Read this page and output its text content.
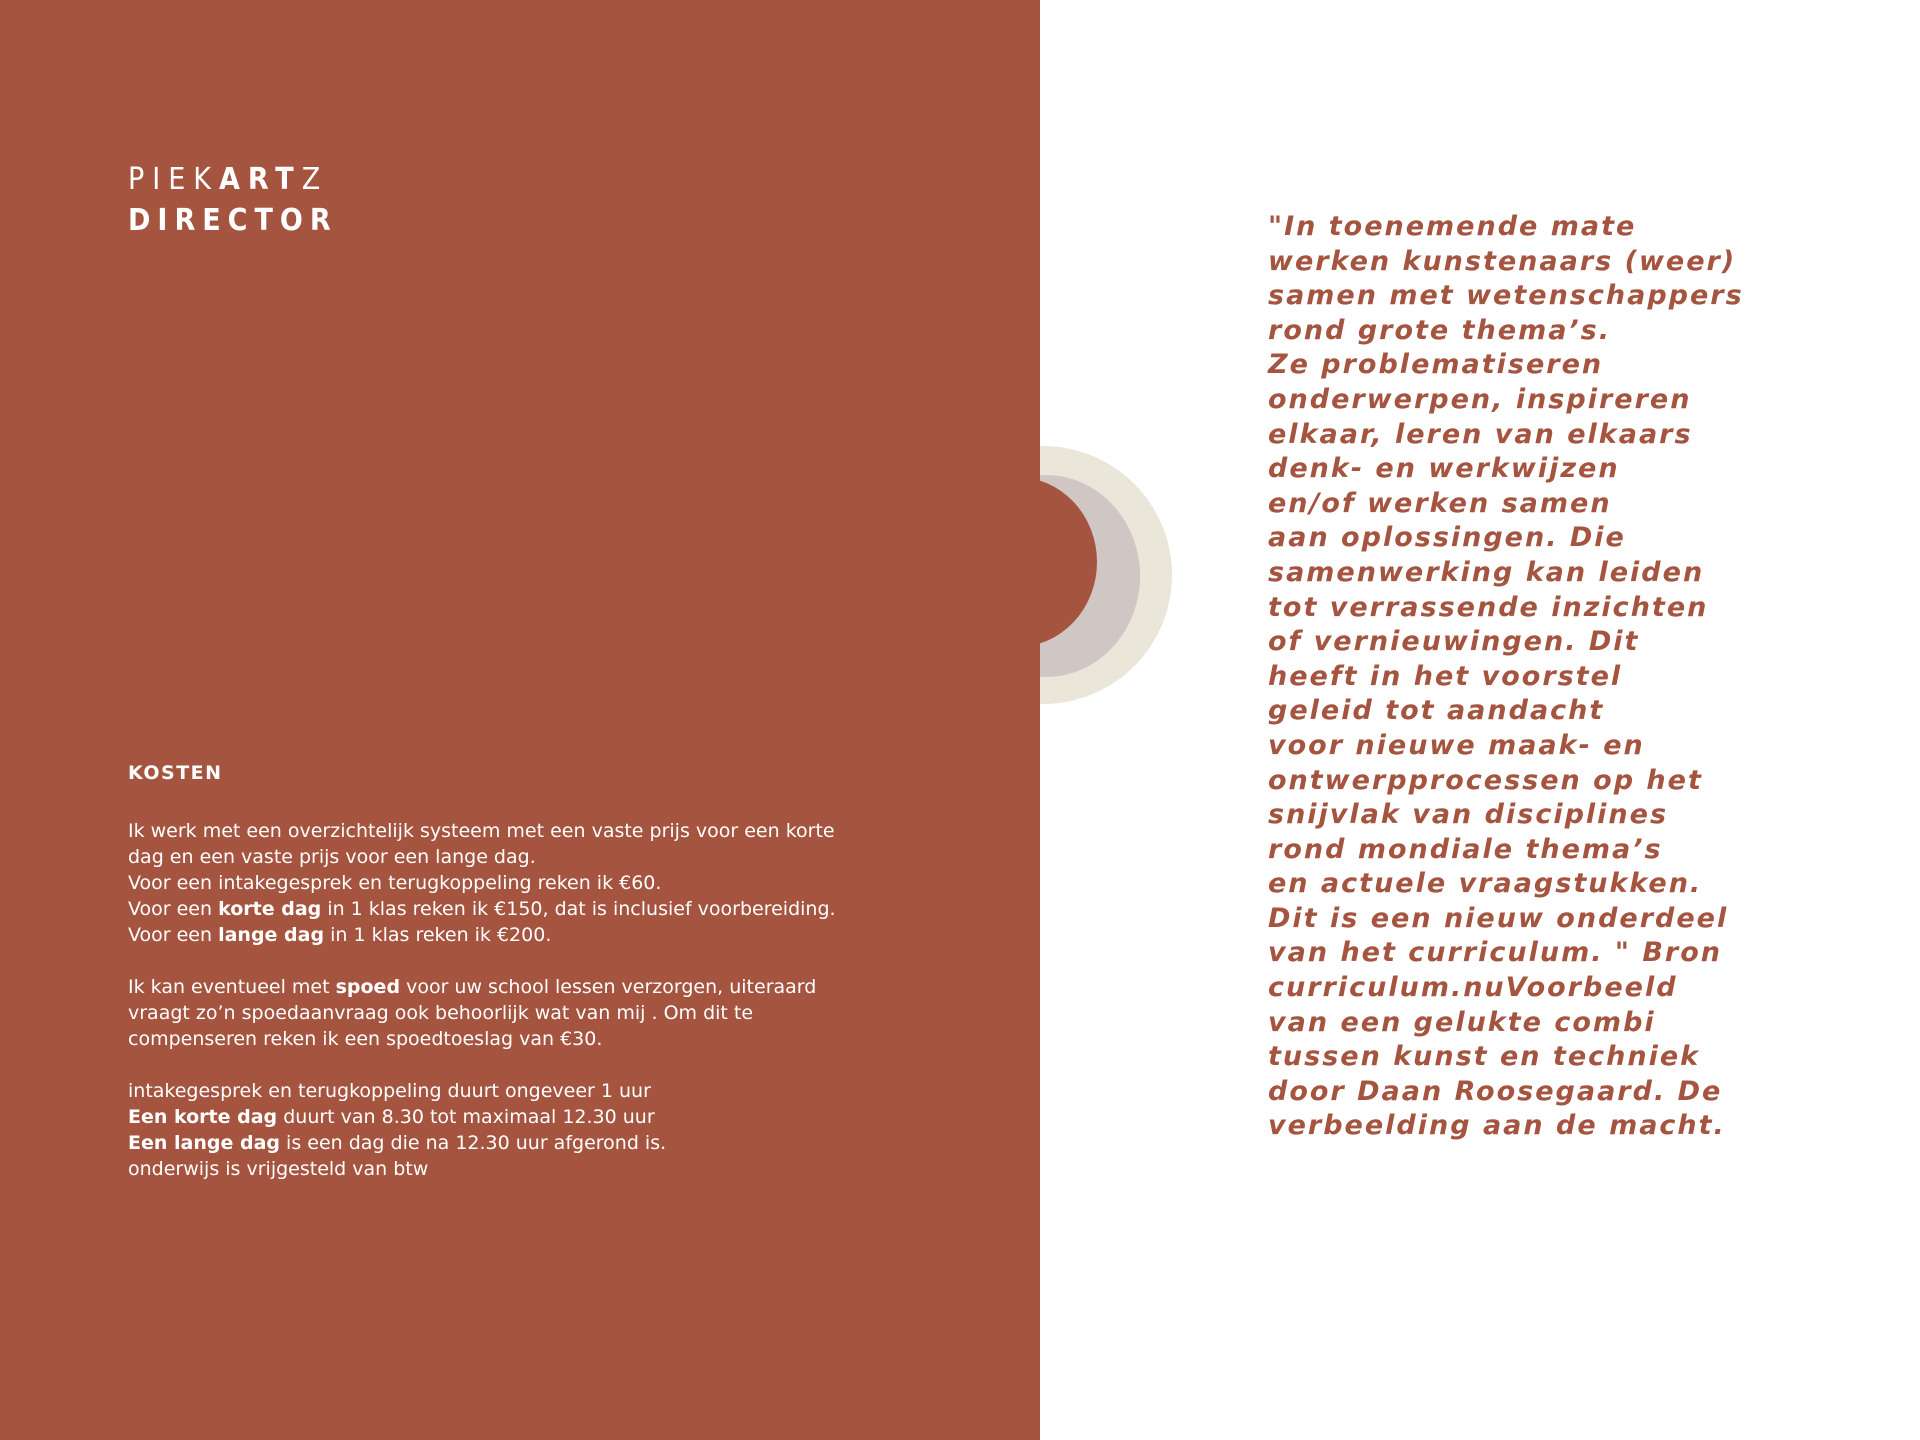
PIEKARTZ
DIRECTOR
KOSTEN
Ik werk met een overzichtelijk systeem met een vaste prijs voor een korte
dag en een vaste prijs voor een lange dag.
Voor een intakegesprek en terugkoppeling reken ik €60.
Voor een korte dag in 1 klas reken ik €150, dat is inclusief voorbereiding.
Voor een lange dag in 1 klas reken ik €200.
Ik kan eventueel met spoed voor uw school lessen verzorgen, uiteraard
vraagt zo’n spoedaanvraag ook behoorlijk wat van mij . Om dit te
compenseren reken ik een spoedtoeslag van €30.
intakegesprek en terugkoppeling duurt ongeveer 1 uur
Een korte dag duurt van 8.30 tot maximaal 12.30 uur
Een lange dag is een dag die na 12.30 uur afgerond is.
onderwijs is vrijgesteld van btw
"In toenemende mate
werken kunstenaars (weer)
samen met wetenschappers
rond grote thema’s.
Ze problematiseren
onderwerpen, inspireren
elkaar, leren van elkaars
denk- en werkwijzen
en/of werken samen
aan oplossingen. Die
samenwerking kan leiden
tot verrassende inzichten
of vernieuwingen. Dit
heeft in het voorstel
geleid tot aandacht
voor nieuwe maak- en
ontwerpprocessen op het
snijvlak van disciplines
rond mondiale thema’s
en actuele vraagstukken.
Dit is een nieuw onderdeel
van het curriculum. " Bron
curriculum.nuVoorbeeld
van een gelukte combi
tussen kunst en techniek
door Daan Roosegaard. De
verbeelding aan de macht.
